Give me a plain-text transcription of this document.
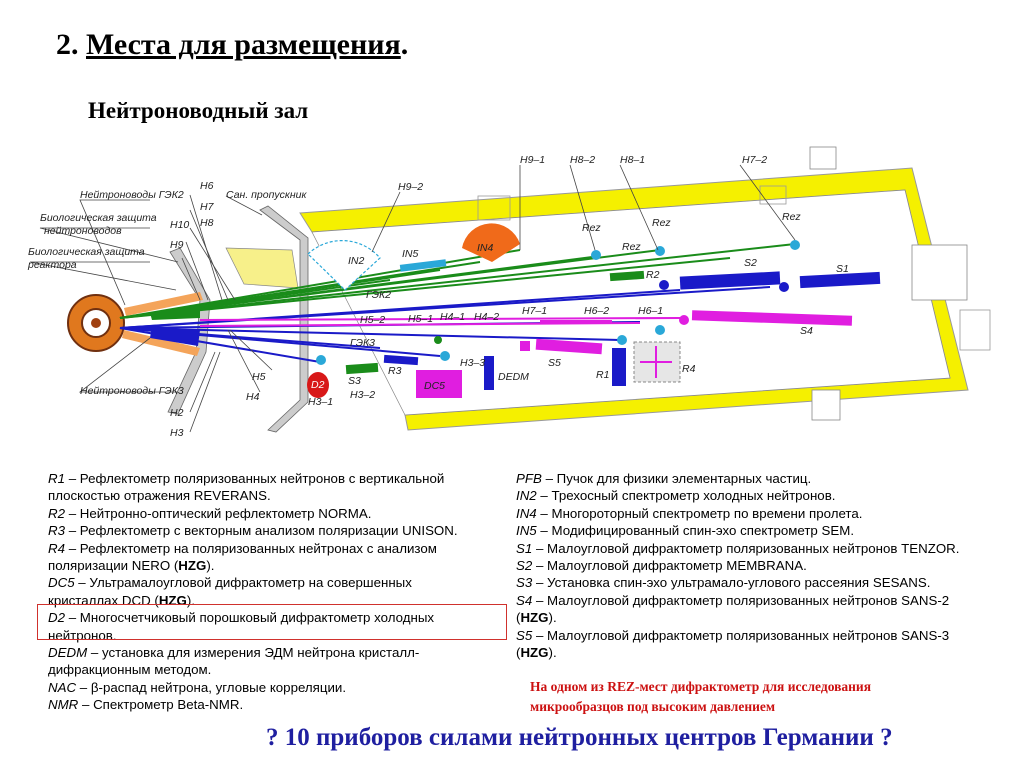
2. Места для размещения.
Нейтроноводный зал
Нейтроноводы ГЭК2
Биологическая защита
нейтроноводов
Биологическая защита
реактора
Нейтроноводы ГЭК3
Сан. пропускник
H6
H7
H8
H10
H9
H9–1 H8–2 H8–1	H7–2
H9–2
IN2
IN5	IN4
Rez	Rez
Rez
Rez
R2
S2	S1
ГЭК2
H5–2 H5–1 H4–1 H4–2 H7–1	H6–2	H6–1
S4
ГЭК3
H3–3	S5	R4
H5
H4
H2
H3
D2
H3–1
S3
H3–2
R3
DC5
DEDM	R1
R1 – Рефлектометр поляризованных нейтронов с вертикальной
плоскостью отражения REVERANS.
R2 – Нейтронно-оптический рефлектометр NORMA.
R3 – Рефлектометр с векторным анализом поляризации UNISON.
R4 – Рефлектометр на поляризованных нейтронах с анализом
поляризации NERO (HZG).
DC5 – Ультрамалоугловой дифрактометр на совершенных
кристаллах DCD (HZG).
D2 – Многосчетчиковый порошковый дифрактометр холодных
нейтронов.
DEDM – установка для измерения ЭДМ нейтрона кристалл-
дифракционным методом.
NAC – β-распад нейтрона, угловые корреляции.
NMR – Спектрометр Beta-NMR.
PFB – Пучок для физики элементарных частиц.
IN2 – Трехосный спектрометр холодных нейтронов.
IN4 – Многороторный спектрометр по времени пролета.
IN5 – Модифицированный спин-эхо спектрометр SEM.
S1 – Малоугловой дифрактометр поляризованных нейтронов TENZOR.
S2 – Малоугловой дифрактометр MEMBRANA.
S3 – Установка спин-эхо ультрамало-углового рассеяния SESANS.
S4 – Малоугловой дифрактометр поляризованных нейтронов SANS-2
(HZG).
S5 – Малоугловой дифрактометр поляризованных нейтронов SANS-3
(HZG).
На одном из REZ-мест дифрактометр для исследования
микрообразцов под высоким давлением
? 10 приборов силами нейтронных центров Германии ?
